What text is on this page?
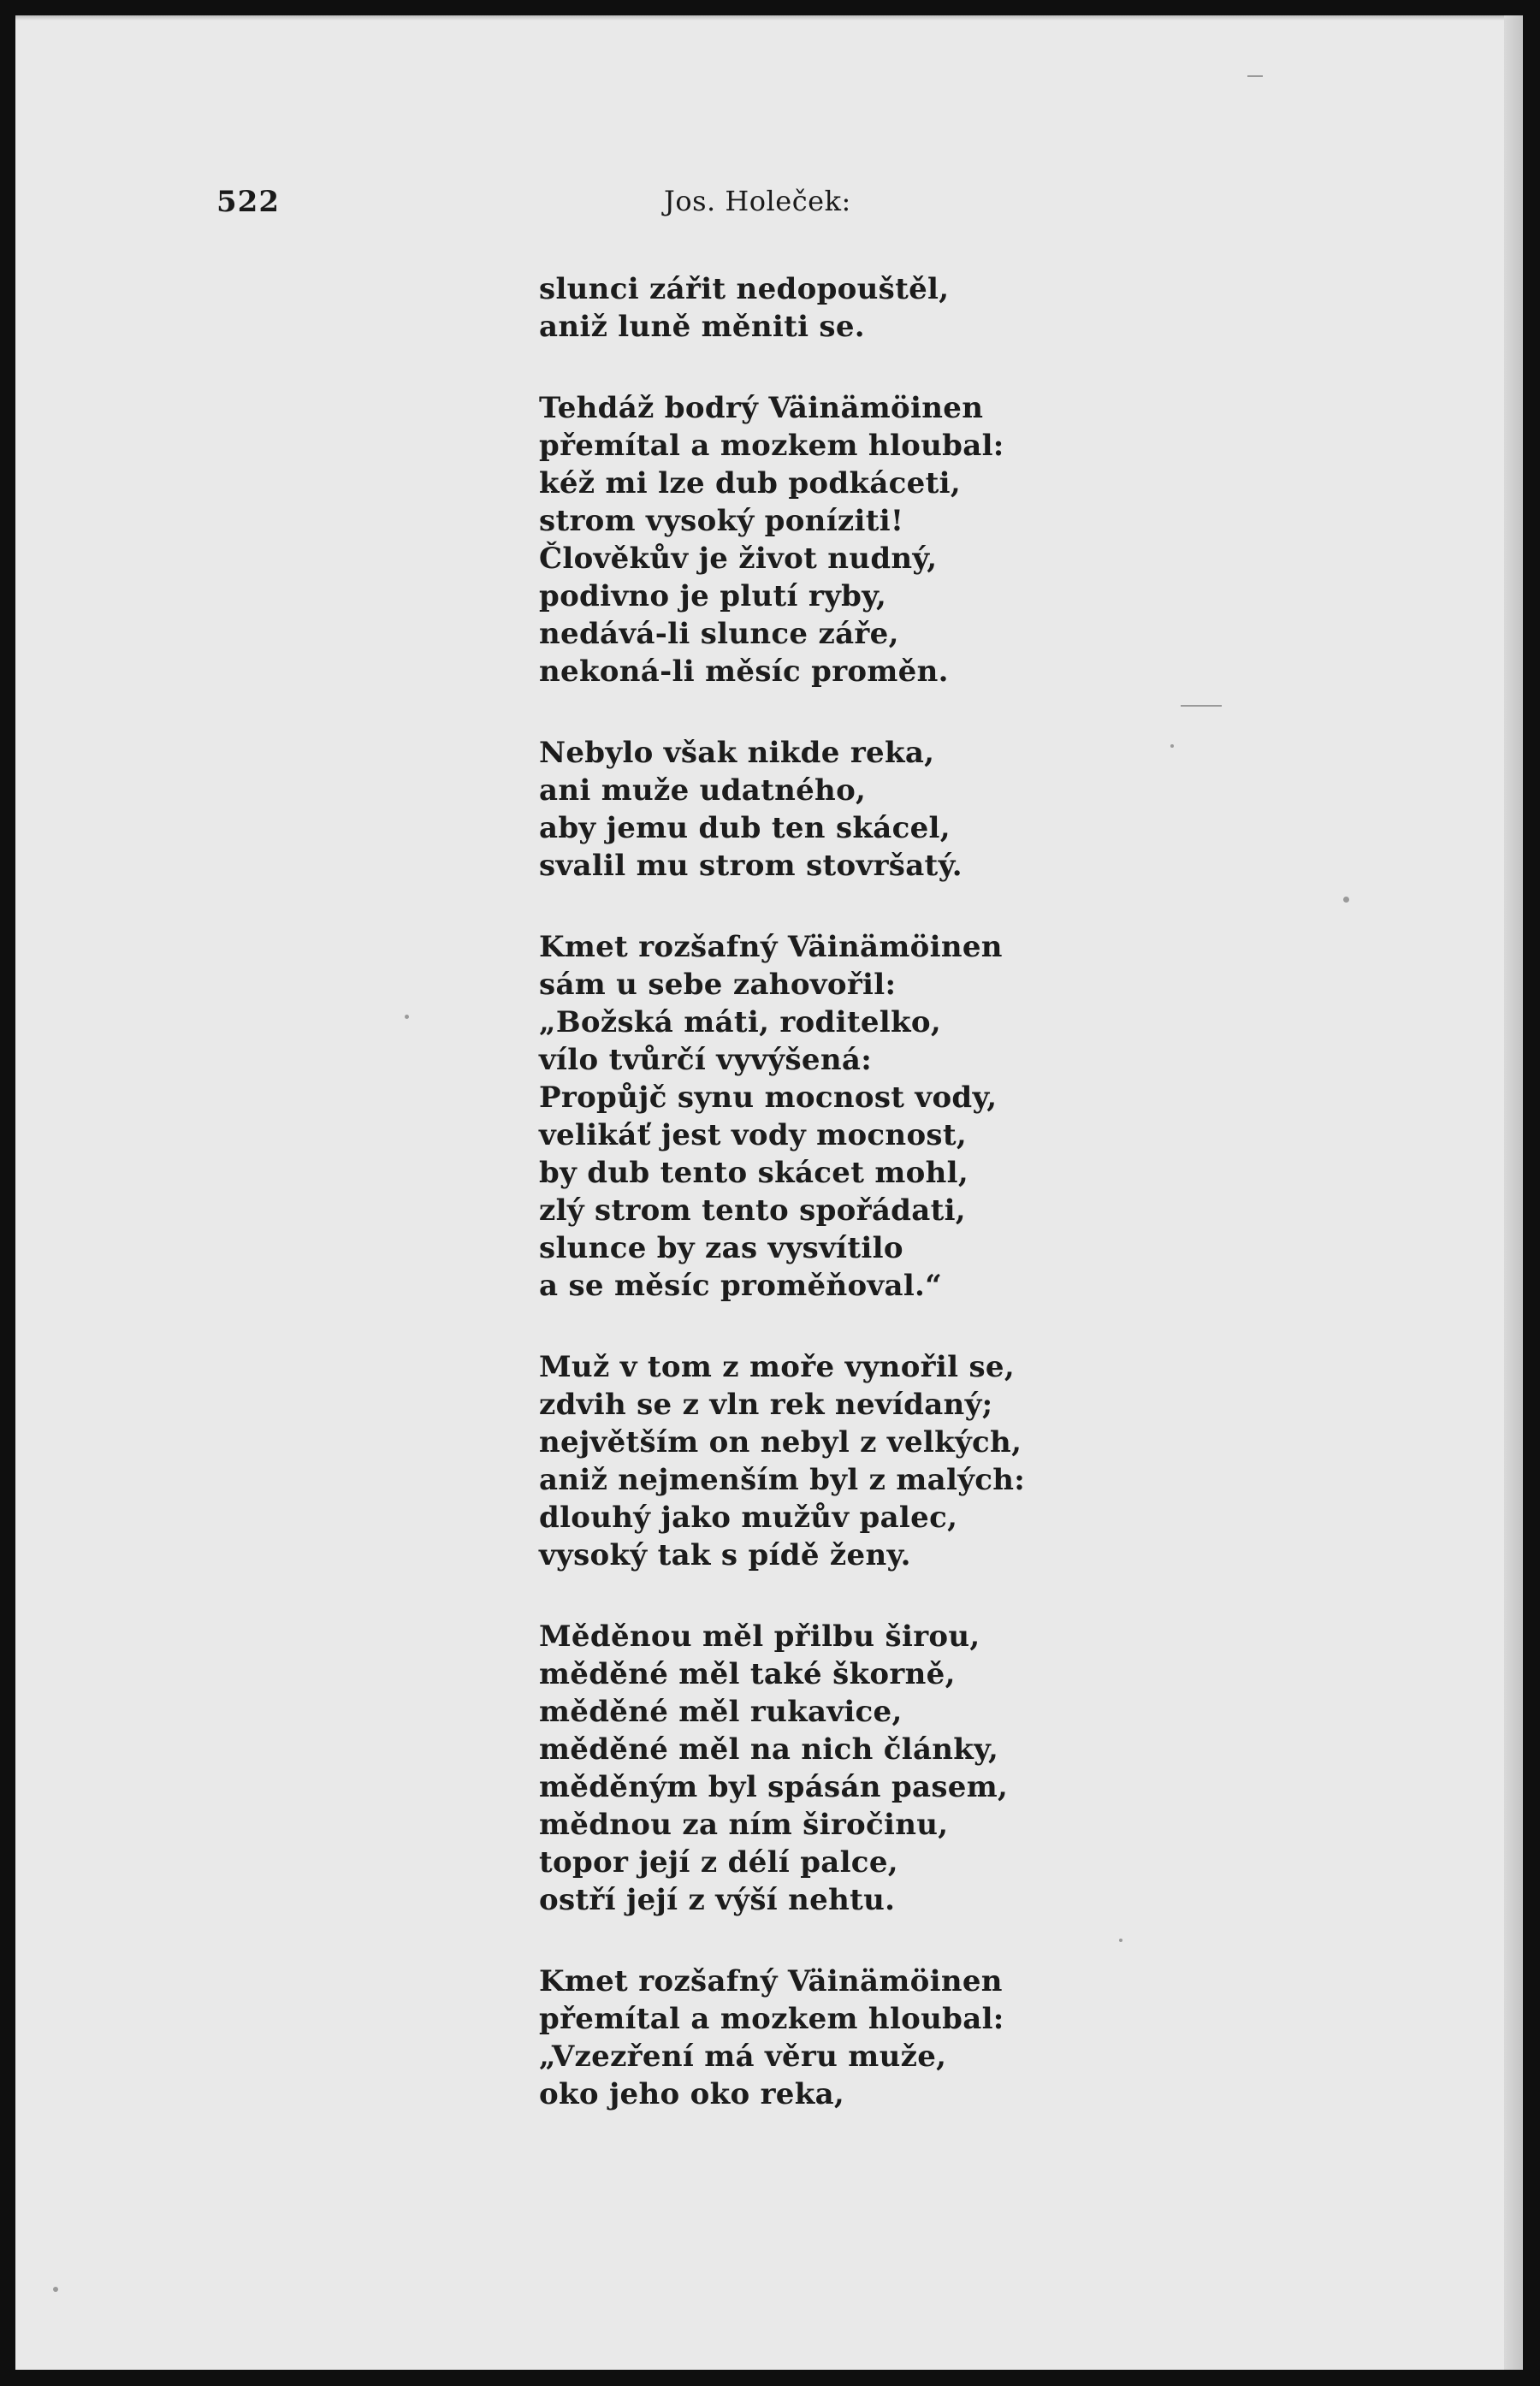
522	Jos. Holeček:
slunci zářit nedopouštěl,
aniž luně měniti se.
Tehdáž bodrý Väinämöinen
přemítal a mozkem hloubal:
kéž mi lze dub podkáceti,
strom vysoký poníziti!
Člověkův je život nudný,
podivno je plutí ryby,
nedává-li slunce záře,
nekoná-li měsíc proměn.
Nebylo však nikde reka,
ani muže udatného,
aby jemu dub ten skácel,
svalil mu strom stovršatý.
Kmet rozšafný Väinämöinen
sám u sebe zahovořil:
„Božská máti, roditelko,
vílo tvůrčí vyvýšená:
Propůjč synu mocnost vody,
velikáť jest vody mocnost,
by dub tento skácet mohl,
zlý strom tento spořádati,
slunce by zas vysvítilo
a se měsíc proměňoval.“
Muž v tom z moře vynořil se,
zdvih se z vln rek nevídaný;
největším on nebyl z velkých,
aniž nejmenším byl z malých:
dlouhý jako mužův palec,
vysoký tak s pídě ženy.
Měděnou měl přilbu širou,
měděné měl také škorně,
měděné měl rukavice,
měděné měl na nich články,
měděným byl spásán pasem,
mědnou za ním širočinu,
topor její z délí palce,
ostří její z výší nehtu.
Kmet rozšafný Väinämöinen
přemítal a mozkem hloubal:
„Vzezření má věru muže,
oko jeho oko reka,
